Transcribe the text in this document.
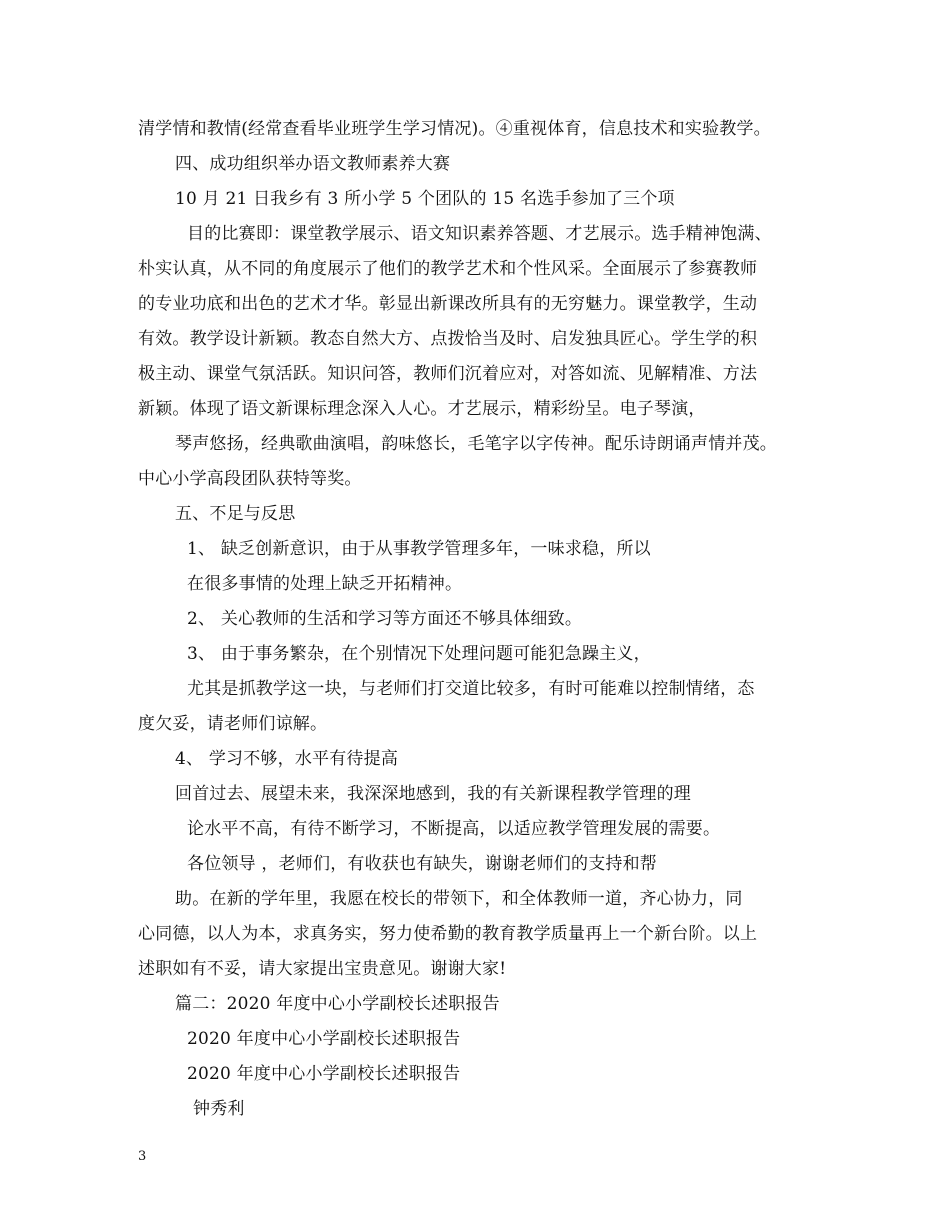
清学情和教情(经常查看毕业班学生学习情况)。④重视体育，信息技术和实验教学。
四、成功组织举办语文教师素养大赛
10 月 21 日我乡有 3 所小学 5 个团队的 15 名选手参加了三个项
目的比赛即：课堂教学展示、语文知识素养答题、才艺展示。选手精神饱满、
朴实认真，从不同的角度展示了他们的教学艺术和个性风采。全面展示了参赛教师
的专业功底和出色的艺术才华。彰显出新课改所具有的无穷魅力。课堂教学，生动
有效。教学设计新颖。教态自然大方、点拨恰当及时、启发独具匠心。学生学的积
极主动、课堂气氛活跃。知识问答，教师们沉着应对，对答如流、见解精准、方法
新颖。体现了语文新课标理念深入人心。才艺展示，精彩纷呈。电子琴演，
琴声悠扬，经典歌曲演唱，韵味悠长，毛笔字以字传神。配乐诗朗诵声情并茂。
中心小学高段团队获特等奖。
五、不足与反思
1、 缺乏创新意识，由于从事教学管理多年，一味求稳，所以
在很多事情的处理上缺乏开拓精神。
2、 关心教师的生活和学习等方面还不够具体细致。
3、 由于事务繁杂，在个别情况下处理问题可能犯急躁主义，
尤其是抓教学这一块，与老师们打交道比较多，有时可能难以控制情绪，态
度欠妥，请老师们谅解。
4、 学习不够，水平有待提高
回首过去、展望未来，我深深地感到，我的有关新课程教学管理的理
论水平不高，有待不断学习，不断提高，以适应教学管理发展的需要。
各位领导 ，老师们，有收获也有缺失，谢谢老师们的支持和帮
助。在新的学年里，我愿在校长的带领下，和全体教师一道，齐心协力，同
心同德，以人为本，求真务实，努力使希勤的教育教学质量再上一个新台阶。以上
述职如有不妥，请大家提出宝贵意见。谢谢大家!
篇二：2020 年度中心小学副校长述职报告
2020 年度中心小学副校长述职报告
2020 年度中心小学副校长述职报告
钟秀利
3
